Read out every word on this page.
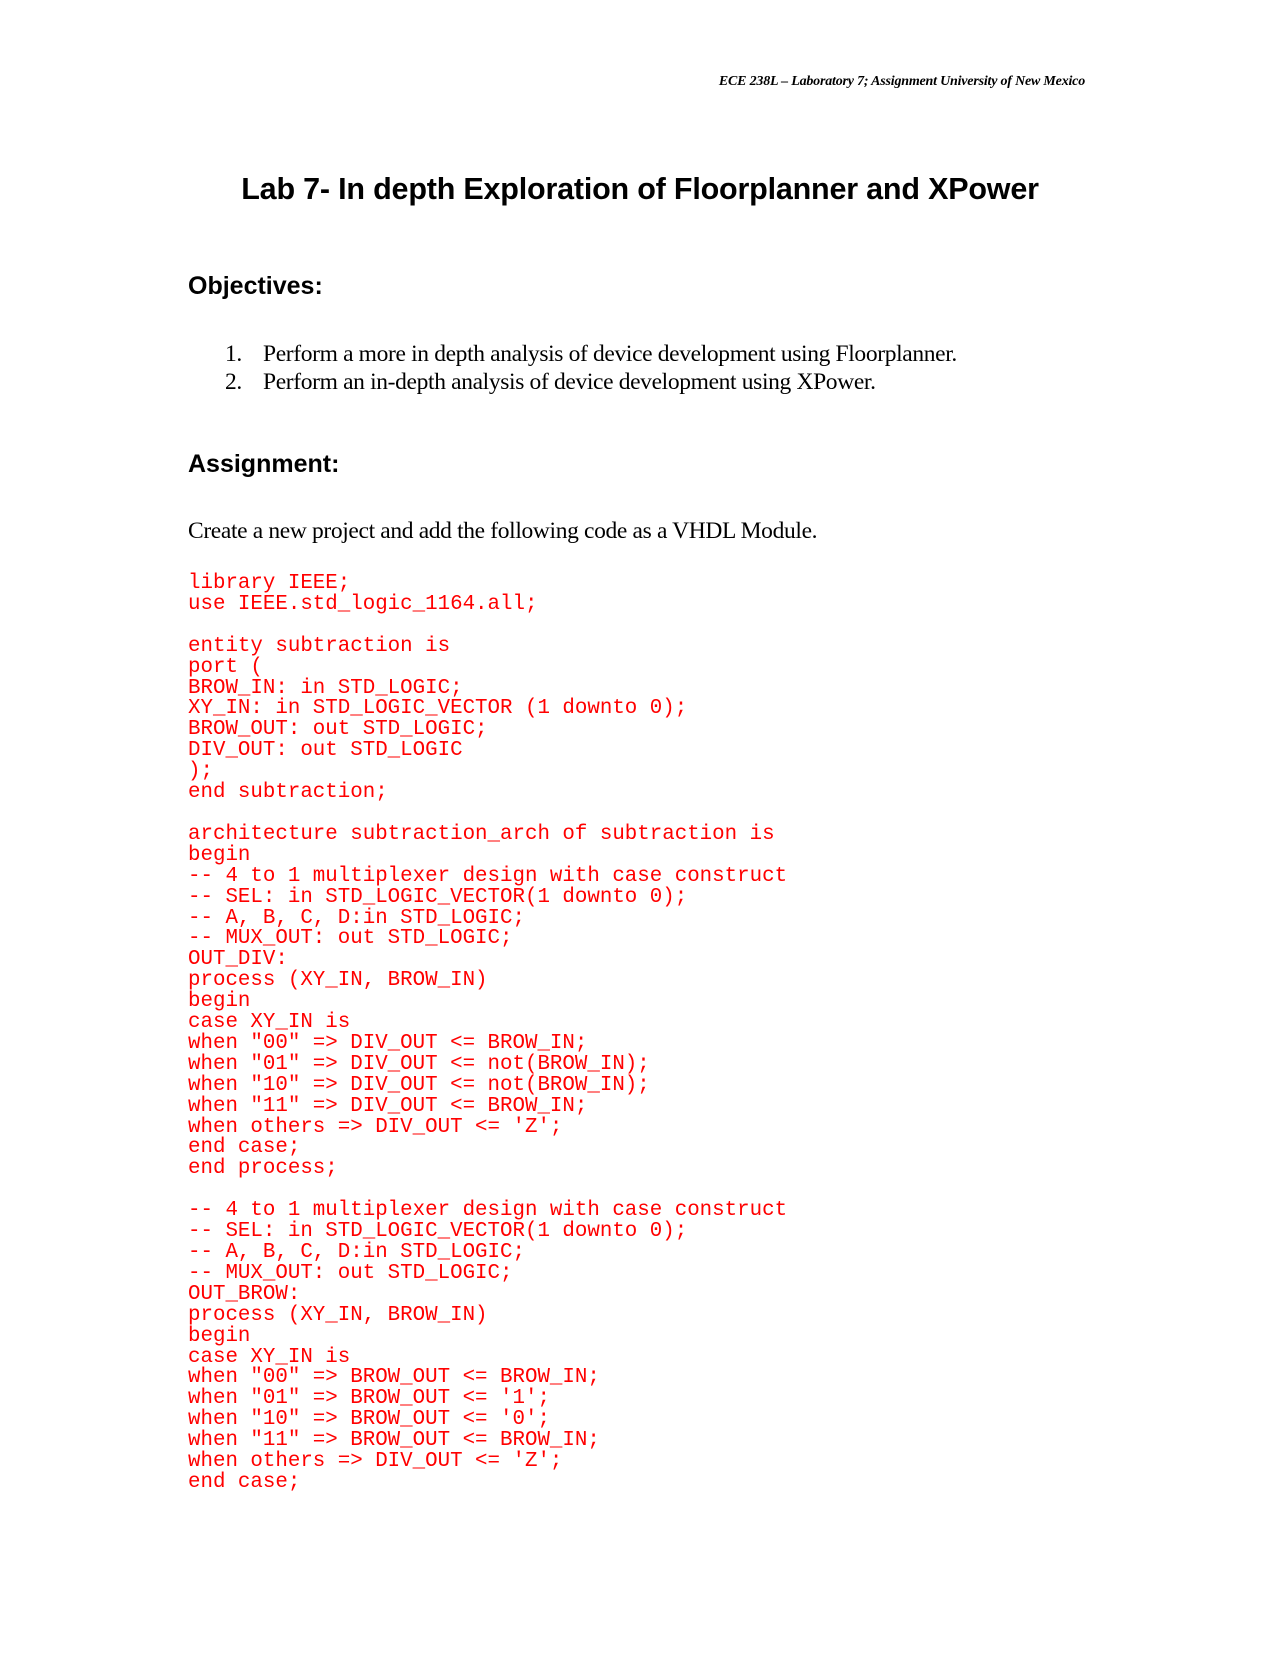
ECE 238L – Laboratory 7; Assignment University of New Mexico
Lab 7- In depth Exploration of Floorplanner and XPower
Objectives:
1. Perform a more in depth analysis of device development using Floorplanner.
2. Perform an in-depth analysis of device development using XPower.
Assignment:
Create a new project and add the following code as a VHDL Module.
library IEEE;
use IEEE.std_logic_1164.all;

entity subtraction is
port (
BROW_IN: in STD_LOGIC;
XY_IN: in STD_LOGIC_VECTOR (1 downto 0);
BROW_OUT: out STD_LOGIC;
DIV_OUT: out STD_LOGIC
);
end subtraction;

architecture subtraction_arch of subtraction is
begin
-- 4 to 1 multiplexer design with case construct
-- SEL: in STD_LOGIC_VECTOR(1 downto 0);
-- A, B, C, D:in STD_LOGIC;
-- MUX_OUT: out STD_LOGIC;
OUT_DIV:
process (XY_IN, BROW_IN)
begin
case XY_IN is
when "00" => DIV_OUT <= BROW_IN;
when "01" => DIV_OUT <= not(BROW_IN);
when "10" => DIV_OUT <= not(BROW_IN);
when "11" => DIV_OUT <= BROW_IN;
when others => DIV_OUT <= 'Z';
end case;
end process;

-- 4 to 1 multiplexer design with case construct
-- SEL: in STD_LOGIC_VECTOR(1 downto 0);
-- A, B, C, D:in STD_LOGIC;
-- MUX_OUT: out STD_LOGIC;
OUT_BROW:
process (XY_IN, BROW_IN)
begin
case XY_IN is
when "00" => BROW_OUT <= BROW_IN;
when "01" => BROW_OUT <= '1';
when "10" => BROW_OUT <= '0';
when "11" => BROW_OUT <= BROW_IN;
when others => DIV_OUT <= 'Z';
end case;
